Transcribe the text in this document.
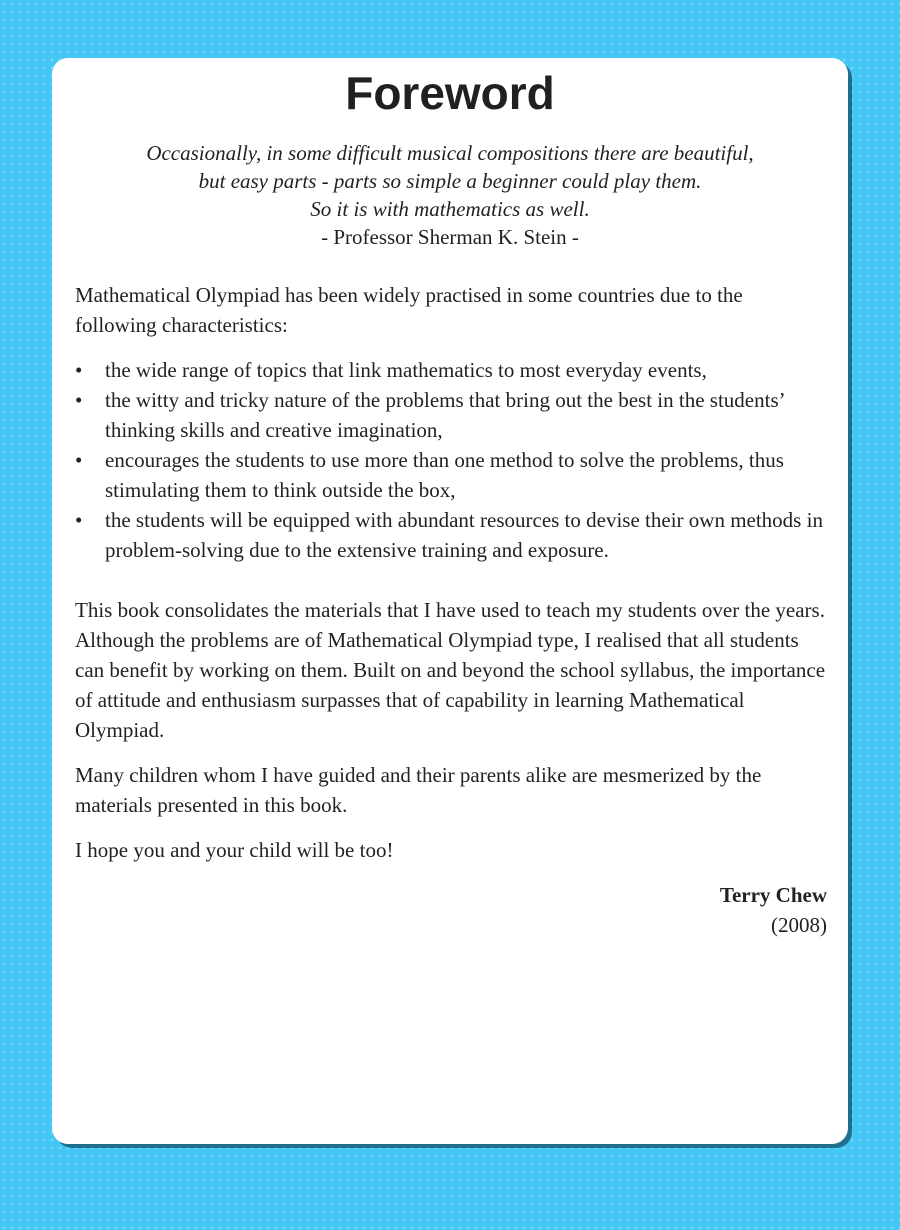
Foreword
Occasionally, in some difficult musical compositions there are beautiful,
but easy parts - parts so simple a beginner could play them.
So it is with mathematics as well.
- Professor Sherman K. Stein -

Mathematical Olympiad has been widely practised in some countries due to the following characteristics:

• the wide range of topics that link mathematics to most everyday events,
• the witty and tricky nature of the problems that bring out the best in the students’ thinking skills and creative imagination,
• encourages the students to use more than one method to solve the problems, thus stimulating them to think outside the box,
• the students will be equipped with abundant resources to devise their own methods in problem-solving due to the extensive training and exposure.

This book consolidates the materials that I have used to teach my students over the years. Although the problems are of Mathematical Olympiad type, I realised that all students can benefit by working on them. Built on and beyond the school syllabus, the importance of attitude and enthusiasm surpasses that of capability in learning Mathematical Olympiad.

Many children whom I have guided and their parents alike are mesmerized by the materials presented in this book.

I hope you and your child will be too!

Terry Chew
(2008)
